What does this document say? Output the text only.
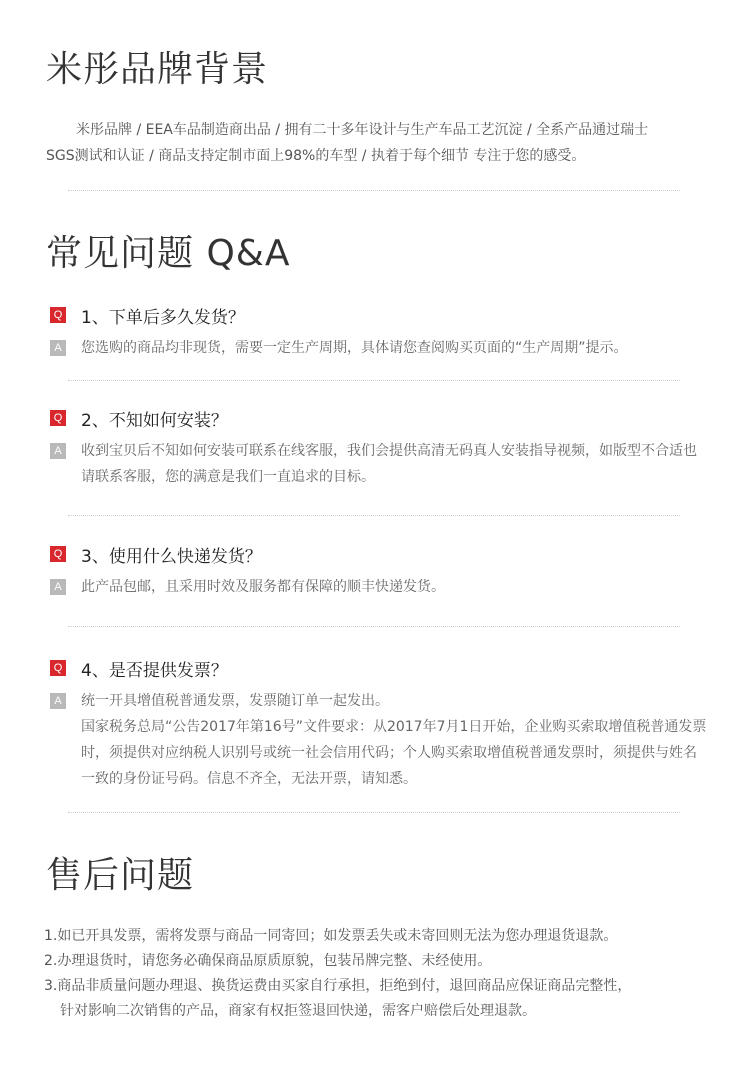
米彤品牌背景

米彤品牌 / EEA车品制造商出品 / 拥有二十多年设计与生产车品工艺沉淀 / 全系产品通过瑞士SGS测试和认证 / 商品支持定制市面上98%的车型 / 执着于每个细节 专注于您的感受。

常见问题 Q&A
Q 1、下单后多久发货？
A	您选购的商品均非现货，需要一定生产周期，具体请您查阅购买页面的“生产周期”提示。

Q 2、不知如何安装？
A	收到宝贝后不知如何安装可联系在线客服，我们会提供高清无码真人安装指导视频，如版型不合适也请联系客服，您的满意是我们一直追求的目标。

Q 3、使用什么快递发货？
A	此产品包邮，且采用时效及服务都有保障的顺丰快递发货。

Q 4、是否提供发票？
A	统一开具增值税普通发票，发票随订单一起发出。

国家税务总局“公告2017年第16号”文件要求：从2017年7月1日开始，企业购买索取增值税普通发票时，须提供对应纳税人识别号或统一社会信用代码；个人购买索取增值税普通发票时，须提供与姓名一致的身份证号码。信息不齐全，无法开票，请知悉。

售后问题
1.如已开具发票，需将发票与商品一同寄回；如发票丢失或未寄回则无法为您办理退货退款。
2.办理退货时，请您务必确保商品原质原貌，包装吊牌完整、未经使用。
3.商品非质量问题办理退、换货运费由买家自行承担，拒绝到付，退回商品应保证商品完整性，
针对影响二次销售的产品，商家有权拒签退回快递，需客户赔偿后处理退款。
